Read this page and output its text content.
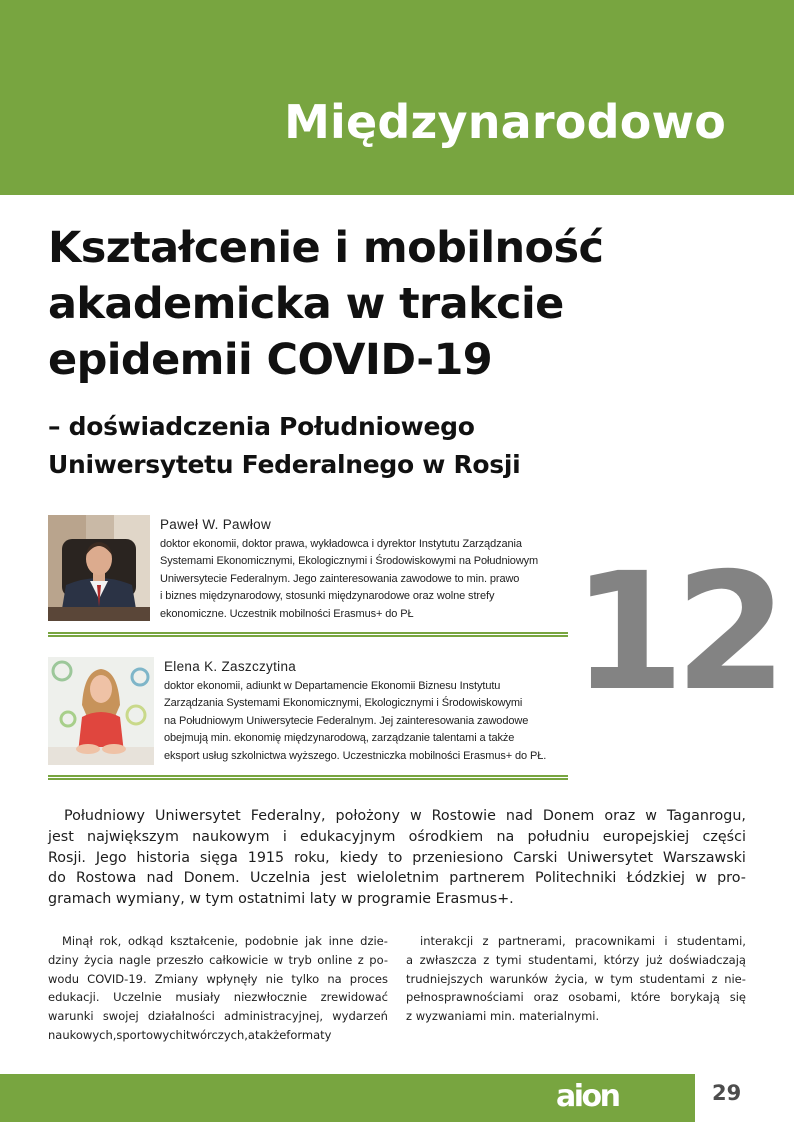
Międzynarodowo
Kształcenie i mobilność
akademicka w trakcie
epidemii COVID-19
– doświadczenia Południowego
Uniwersytetu Federalnego w Rosji
Paweł W. Pawłow
doktor ekonomii, doktor prawa, wykładowca i dyrektor Instytutu Zarządzania
Systemami Ekonomicznymi, Ekologicznymi i Środowiskowymi na Południowym
Uniwersytecie Federalnym. Jego zainteresowania zawodowe to min. prawo
i biznes międzynarodowy, stosunki międzynarodowe oraz wolne strefy
ekonomiczne. Uczestnik mobilności Erasmus+ do PŁ
Elena K. Zaszczytina
doktor ekonomii, adiunkt w Departamencie Ekonomii Biznesu Instytutu
Zarządzania Systemami Ekonomicznymi, Ekologicznymi i Środowiskowymi
na Południowym Uniwersytecie Federalnym. Jej zainteresowania zawodowe
obejmują min. ekonomię międzynarodową, zarządzanie talentami a także
eksport usług szkolnictwa wyższego. Uczestniczka mobilności Erasmus+ do PŁ.
12
Południowy Uniwersytet Federalny, położony w Rostowie nad Donem oraz w Taganrogu,
jest największym naukowym i edukacyjnym ośrodkiem na południu europejskiej części
Rosji. Jego historia sięga 1915 roku, kiedy to przeniesiono Carski Uniwersytet Warszawski
do Rostowa nad Donem. Uczelnia jest wieloletnim partnerem Politechniki Łódzkiej w pro-
gramach wymiany, w tym ostatnimi laty w programie Erasmus+.
Minął rok, odkąd kształcenie, podobnie jak inne dzie-
dziny życia nagle przeszło całkowicie w tryb online z po-
wodu COVID-19. Zmiany wpłynęły nie tylko na proces
edukacji. Uczelnie musiały niezwłocznie zrewidować
warunki swojej działalności administracyjnej, wydarzeń
naukowych, sportowych i twórczych, a także formaty
interakcji z partnerami, pracownikami i studentami,
a zwłaszcza z tymi studentami, którzy już doświadczają
trudniejszych warunków życia, w tym studentami z nie-
pełnosprawnościami oraz osobami, które borykają się
z wyzwaniami min. materialnymi.
aion	29
